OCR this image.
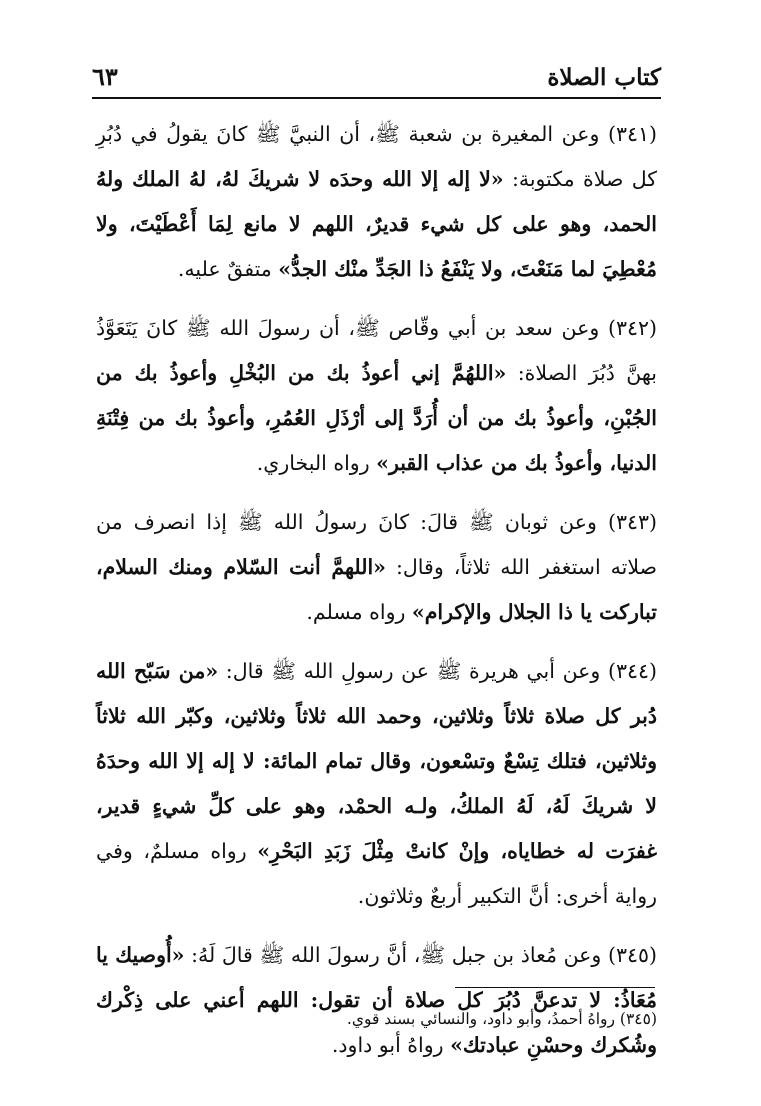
كتاب الصلاة
٦٣

(٣٤١) وعن المغيرة بن شعبة ﷺ، أن النبيَّ ﷺ كانَ يقولُ في دُبُرِ كل صلاة مكتوبة: «لا إله إلا الله وحدَه لا شريكَ لهُ، لهُ الملك ولهُ الحمد، وهو على كل شيء قديرٌ، اللهم لا مانع لِمَا أَعْطَيْتَ، ولا مُعْطِيَ لما مَنَعْتَ، ولا يَنْفَعُ ذا الجَدِّ منْك الجدُّ» متفقٌ عليه.

(٣٤٢) وعن سعد بن أبي وقّاص ﷺ، أن رسولَ الله ﷺ كانَ يَتَعَوَّذُ بهنَّ دُبُرَ الصلاة: «اللهُمَّ إني أعوذُ بك من البُخْلِ وأعوذُ بك من الجُبْنِ، وأعوذُ بك من أن أُرَدَّ إلى أرْذَلِ العُمُرِ، وأعوذُ بك من فِتْنَةِ الدنيا، وأعوذُ بك من عذاب القبر» رواه البخاري.

(٣٤٣) وعن ثوبان ﷺ قالَ: كانَ رسولُ الله ﷺ إذا انصرف من صلاته استغفر الله ثلاثاً، وقال: «اللهمَّ أنت السّلام ومنك السلام، تباركت يا ذا الجلال والإكرام» رواه مسلم.

(٣٤٤) وعن أبي هريرة ﷺ عن رسولِ الله ﷺ قال: «من سَبّح الله دُبر كل صلاة ثلاثاً وثلاثين، وحمد الله ثلاثاً وثلاثين، وكبّر الله ثلاثاً وثلاثين، فتلك تِسْعٌ وتسْعون، وقال تمام المائة: لا إله إلا الله وحدَهُ لا شريكَ لَهُ، لَهُ الملكُ، ولـه الحمْد، وهو على كلِّ شيءٍ قدير، غفرَت له خطاياه، وإنْ كانتْ مِثْلَ زَبَدِ البَحْرِ» رواه مسلمٌ، وفي رواية أخرى: أنَّ التكبير أربعٌ وثلاثون.

(٣٤٥) وعن مُعاذ بن جبل ﷺ، أنَّ رسولَ الله ﷺ قالَ لَهُ: «أُوصيك يا مُعَاذُ: لا تدعنَّ دُبُرَ كل صلاة أن تقول: اللهم أعني على ذِكْرك وشُكرك وحسْنِ عبادتك» رواهُ أبو داود.

(٣٤٥) رواهُ أحمدُ، وأبو داود، والنسائي بسند قوي.
